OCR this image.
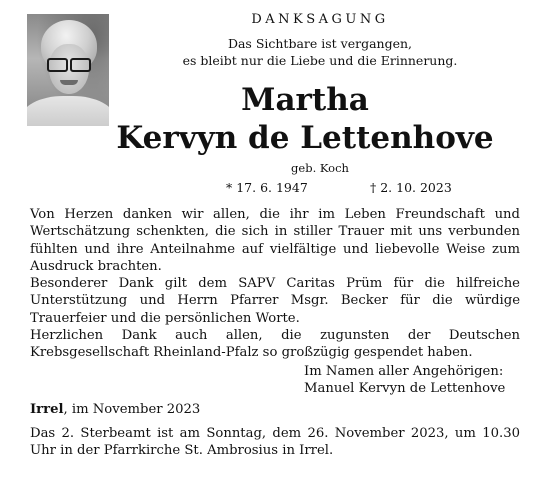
DANKSAGUNG
Das Sichtbare ist vergangen,
es bleibt nur die Liebe und die Erinnerung.
Martha
Kervyn de Lettenhove
geb. Koch
* 17. 6. 1947	† 2. 10. 2023

Von Herzen danken wir allen, die ihr im Leben Freundschaft und Wertschätzung schenkten, die sich in stiller Trauer mit uns verbunden fühlten und ihre Anteilnahme auf vielfältige und liebevolle Weise zum Ausdruck brachten.

Besonderer Dank gilt dem SAPV Caritas Prüm für die hilfreiche Unterstützung und Herrn Pfarrer Msgr. Becker für die würdige Trauerfeier und die persönlichen Worte.

Herzlichen Dank auch allen, die zugunsten der Deutschen Krebsgesellschaft Rheinland-Pfalz so großzügig gespendet haben.

Im Namen aller Angehörigen:
Manuel Kervyn de Lettenhove
Irrel, im November 2023
Das 2. Sterbeamt ist am Sonntag, dem 26. November 2023, um 10.30 Uhr in der Pfarrkirche St. Ambrosius in Irrel.
